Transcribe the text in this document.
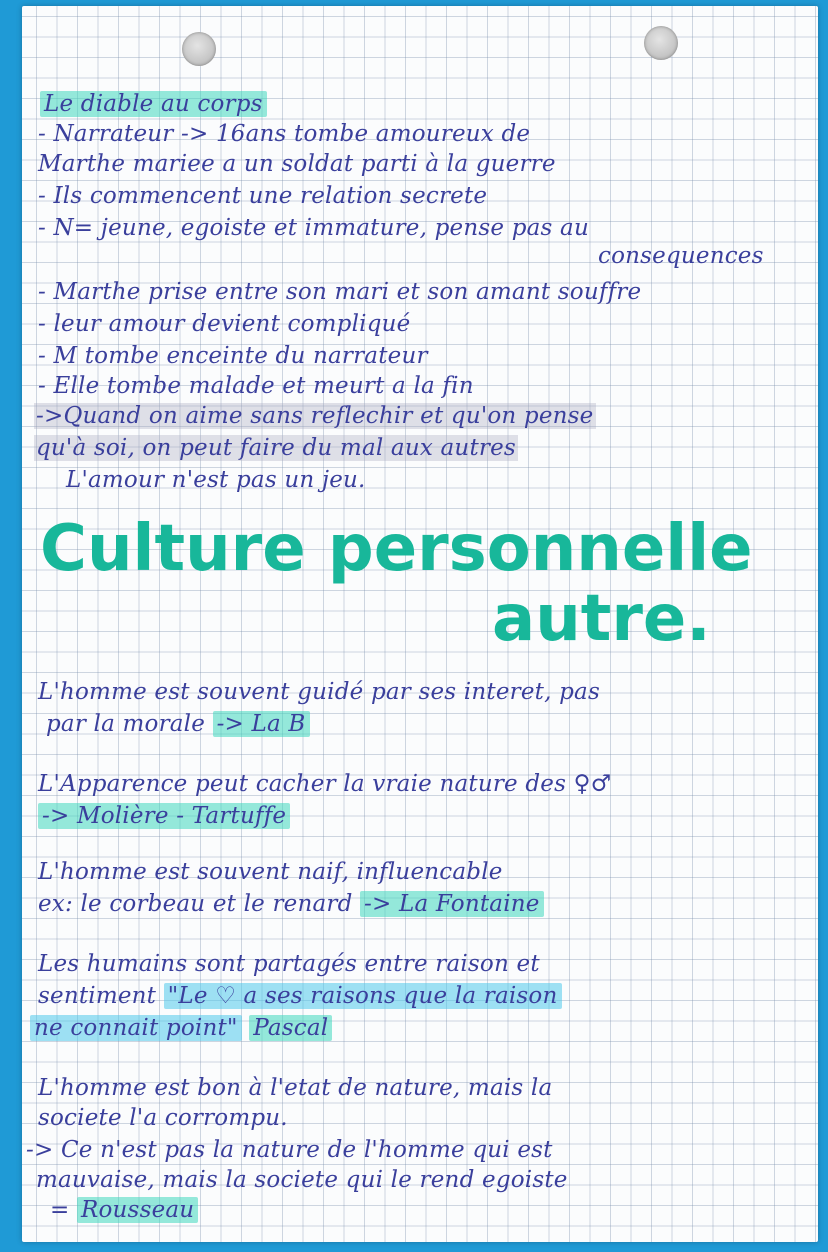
Le diable au corps

- Narrateur -> 16ans tombe amoureux de

Marthe mariee a un soldat parti à la guerre

- Ils commencent une relation secrete

- N= jeune, egoiste et immature, pense pas au

consequences

- Marthe prise entre son mari et son amant souffre

- leur amour devient compliqué

- M tombe enceinte du narrateur

- Elle tombe malade et meurt a la fin

->Quand on aime sans reflechir et qu'on pense

qu'à soi, on peut faire du mal aux autres

L'amour n'est pas un jeu.

Culture personnelle

autre.

L'homme est souvent guidé par ses interet, pas

par la morale -> La B

L'Apparence peut cacher la vraie nature des ♀♂

-> Molière - Tartuffe

L'homme est souvent naif, influencable

ex: le corbeau et le renard -> La Fontaine

Les humains sont partagés entre raison et

sentiment "Le ♡ a ses raisons que la raison

ne connait point" Pascal

L'homme est bon à l'etat de nature, mais la

societe l'a corrompu.

-> Ce n'est pas la nature de l'homme qui est

mauvaise, mais la societe qui le rend egoiste

= Rousseau
